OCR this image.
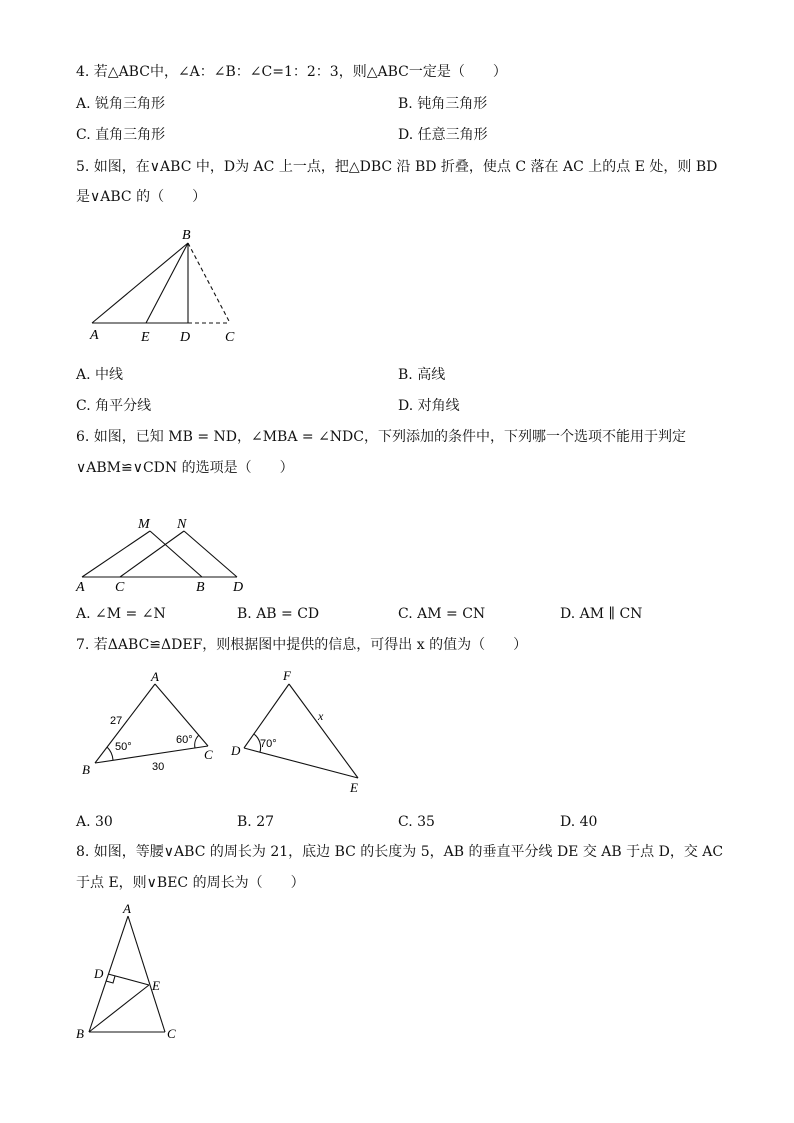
4. 若△ABC中，∠A：∠B：∠C=1：2：3，则△ABC一定是（　　）
A. 锐角三角形	B. 钝角三角形
C. 直角三角形	D. 任意三角形
5. 如图，在∨ABC 中，D为 AC 上一点，把△DBC 沿 BD 折叠，使点 C 落在 AC 上的点 E 处，则 BD
是∨ABC 的（　　）
B
A	E D C
A. 中线	B. 高线
C. 角平分线	D. 对角线
6. 如图，已知 MB = ND，∠MBA = ∠NDC，下列添加的条件中，下列哪一个选项不能用于判定
∨ABM≌∨CDN 的选项是（　　）
M N
A C	B D
A. ∠M = ∠N	B. AB = CD	C. AM = CN	D. AM ∥ CN
7. 若ΔABC≌ΔDEF，则根据图中提供的信息，可得出 x 的值为（　　）
A
B
C
27
30
50°
60°
F
D
E
70°
x
A. 30	B. 27	C. 35	D. 40
8. 如图，等腰∨ABC 的周长为 21，底边 BC 的长度为 5，AB 的垂直平分线 DE 交 AB 于点 D，交 AC
于点 E，则∨BEC 的周长为（　　）
A
D
E
B	C
